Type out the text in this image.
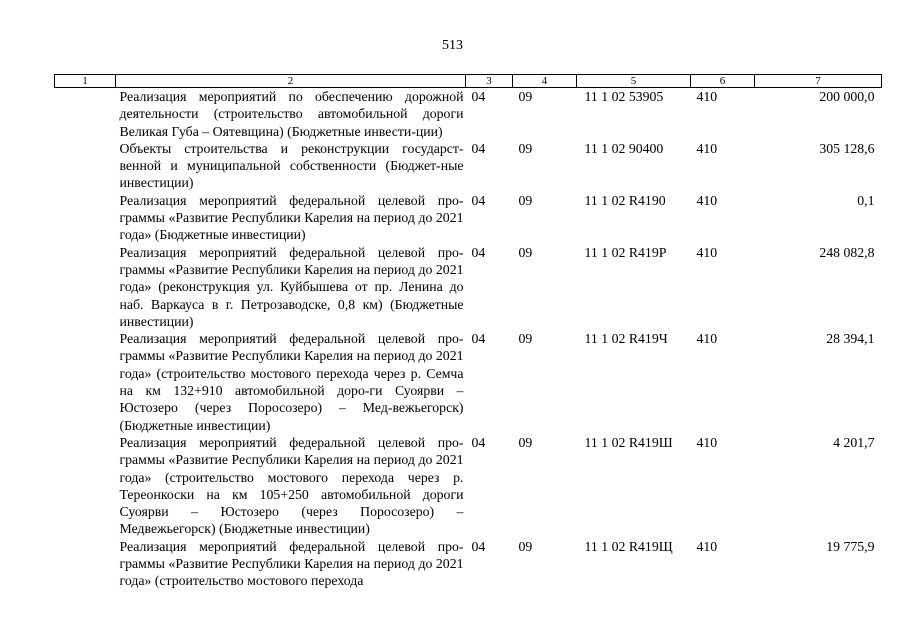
513
1	2	3	4	5	6	7
	Реализация мероприятий по обеспечению дорожной деятельности (строительство автомобильной дороги Великая Губа – Оятевщина) (Бюджетные инвести-ции)	04	09	11 1 02 53905	410	200 000,0
	Объекты строительства и реконструкции государст-венной и муниципальной собственности (Бюджет-ные инвестиции)	04	09	11 1 02 90400	410	305 128,6
	Реализация мероприятий федеральной целевой про-граммы «Развитие Республики Карелия на период до 2021 года» (Бюджетные инвестиции)	04	09	11 1 02 R4190	410	0,1
	Реализация мероприятий федеральной целевой про-граммы «Развитие Республики Карелия на период до 2021 года» (реконструкция ул. Куйбышева от пр. Ленина до наб. Варкауса в г. Петрозаводске, 0,8 км) (Бюджетные инвестиции)	04	09	11 1 02 R419Р	410	248 082,8
	Реализация мероприятий федеральной целевой про-граммы «Развитие Республики Карелия на период до 2021 года» (строительство мостового перехода через р. Семча на км 132+910 автомобильной доро-ги Суоярви – Юстозеро (через Поросозеро) – Мед-вежьегорск) (Бюджетные инвестиции)	04	09	11 1 02 R419Ч	410	28 394,1
	Реализация мероприятий федеральной целевой про-граммы «Развитие Республики Карелия на период до 2021 года» (строительство мостового перехода через р. Тереонкоски на км 105+250 автомобильной дороги Суоярви – Юстозеро (через Поросозеро) – Медвежьегорск) (Бюджетные инвестиции)	04	09	11 1 02 R419Ш	410	4 201,7
	Реализация мероприятий федеральной целевой про-граммы «Развитие Республики Карелия на период до 2021 года» (строительство мостового перехода	04	09	11 1 02 R419Щ	410	19 775,9
